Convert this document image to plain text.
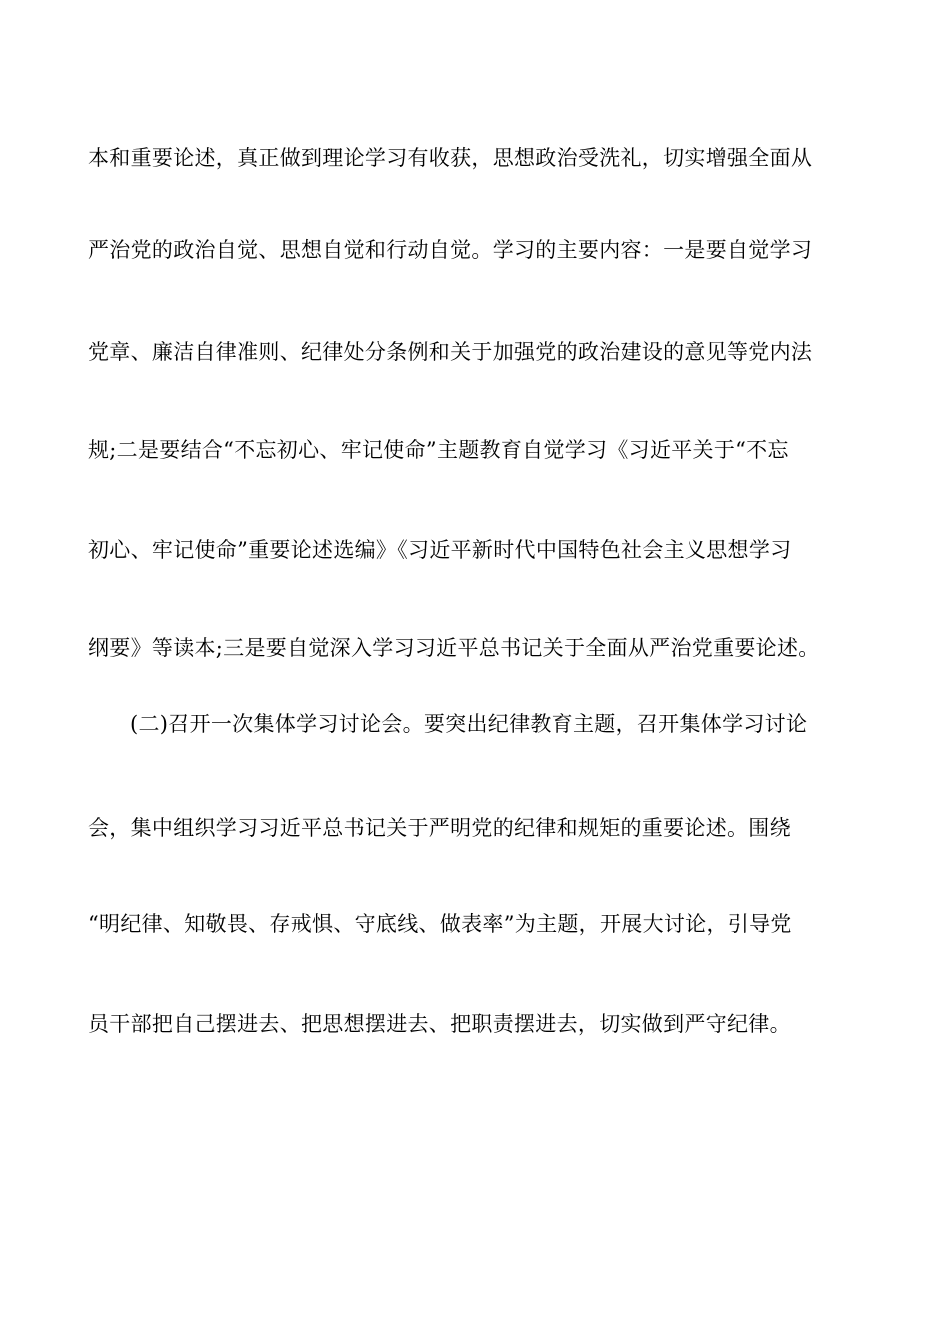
本和重要论述，真正做到理论学习有收获，思想政治受洗礼，切实增强全面从
严治党的政治自觉、思想自觉和行动自觉。学习的主要内容：一是要自觉学习
党章、廉洁自律准则、纪律处分条例和关于加强党的政治建设的意见等党内法
规;二是要结合“不忘初心、牢记使命”主题教育自觉学习《习近平关于“不忘
初心、牢记使命”重要论述选编》《习近平新时代中国特色社会主义思想学习
纲要》等读本;三是要自觉深入学习习近平总书记关于全面从严治党重要论述。
(二)召开一次集体学习讨论会。要突出纪律教育主题，召开集体学习讨论
会，集中组织学习习近平总书记关于严明党的纪律和规矩的重要论述。围绕
“明纪律、知敬畏、存戒惧、守底线、做表率”为主题，开展大讨论，引导党
员干部把自己摆进去、把思想摆进去、把职责摆进去，切实做到严守纪律。
